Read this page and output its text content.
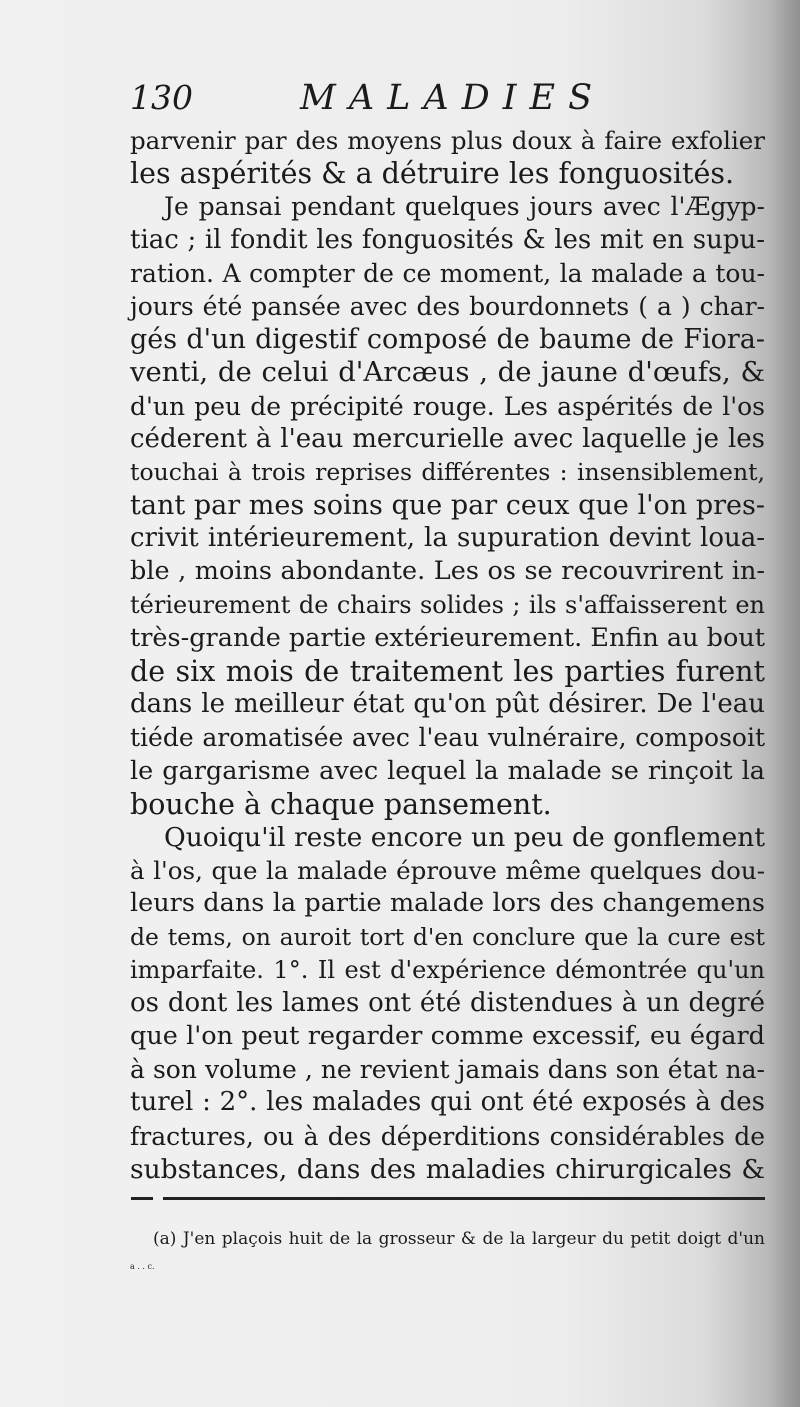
130	MALADIES
parvenir par des moyens plus doux à faire exfolier
les aspérités & a détruire les fonguosités.
Je pansai pendant quelques jours avec l'Ægyp-
tiac ; il fondit les fonguosités & les mit en supu-
ration. A compter de ce moment, la malade a tou-
jours été pansée avec des bourdonnets ( a ) char-
gés d'un digestif composé de baume de Fiora-
venti, de celui d'Arcæus , de jaune d'œufs, &
d'un peu de précipité rouge. Les aspérités de l'os
céderent à l'eau mercurielle avec laquelle je les
touchai à trois reprises différentes : insensiblement,
tant par mes soins que par ceux que l'on pres-
crivit intérieurement, la supuration devint loua-
ble , moins abondante. Les os se recouvrirent in-
térieurement de chairs solides ; ils s'affaisserent en
très-grande partie extérieurement. Enfin au bout
de six mois de traitement les parties furent
dans le meilleur état qu'on pût désirer. De l'eau
tiéde aromatisée avec l'eau vulnéraire, composoit
le gargarisme avec lequel la malade se rinçoit la
bouche à chaque pansement.
Quoiqu'il reste encore un peu de gonflement
à l'os, que la malade éprouve même quelques dou-
leurs dans la partie malade lors des changemens
de tems, on auroit tort d'en conclure que la cure est
imparfaite. 1°. Il est d'expérience démontrée qu'un
os dont les lames ont été distendues à un degré
que l'on peut regarder comme excessif, eu égard
à son volume , ne revient jamais dans son état na-
turel : 2°. les malades qui ont été exposés à des
fractures, ou à des déperditions considérables de
substances, dans des maladies chirurgicales &
(a) J'en plaçois huit de la grosseur & de la largeur du petit doigt d'un
a . . c.
